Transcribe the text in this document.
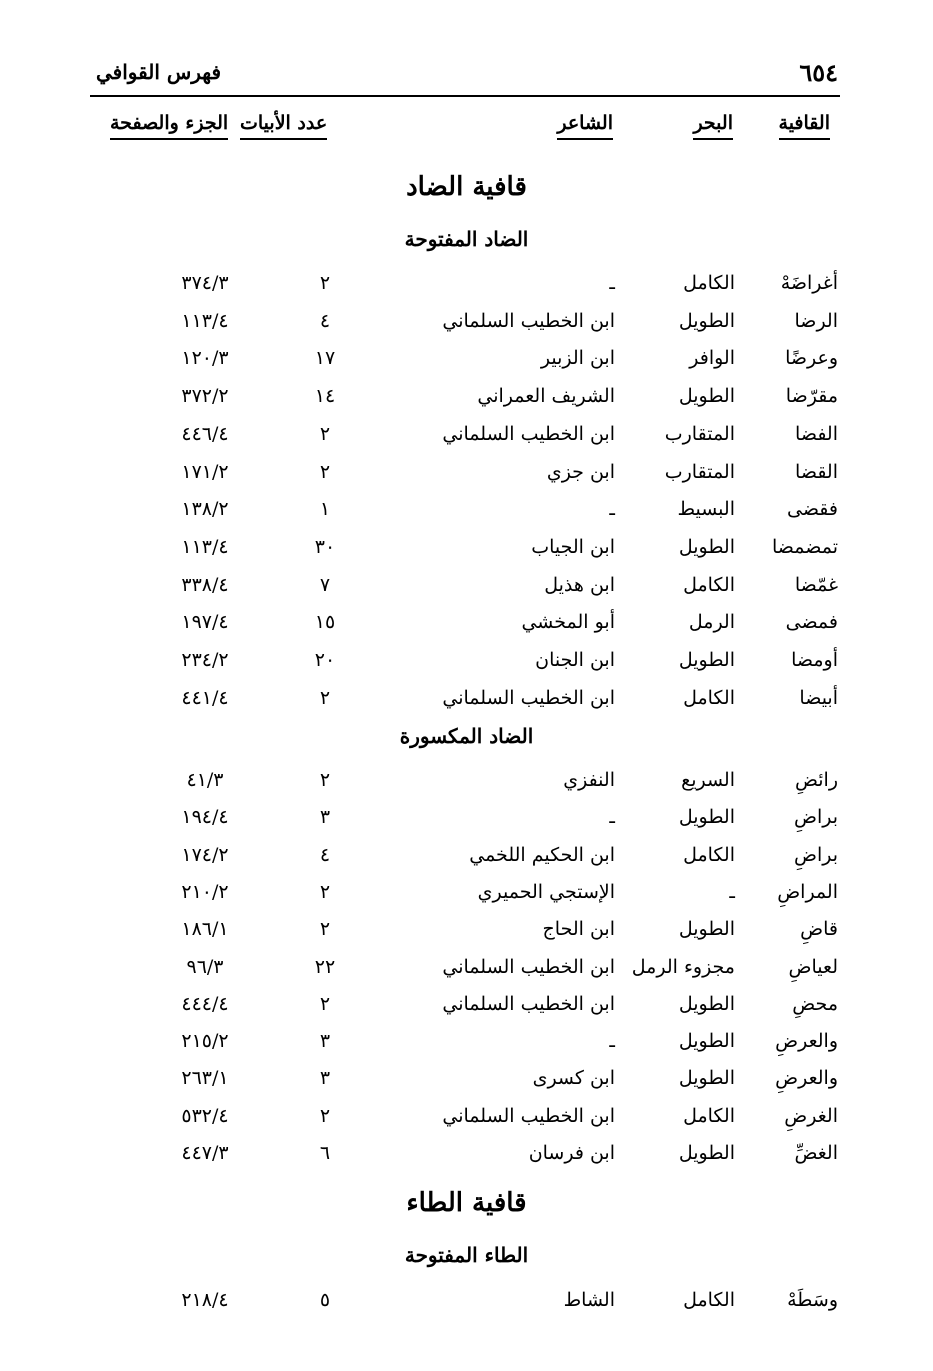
٦٥٤
فهرس القوافي
القافية
البحر
الشاعر
عدد الأبيات
الجزء والصفحة
قافية الضاد
الضاد المفتوحة
الضاد المكسورة
قافية الطاء
الطاء المفتوحة
أغراضَهْ
الكامل
ـ
٢
٣٧٤/٣
الرضا
الطويل
ابن الخطيب السلماني
٤
١١٣/٤
وعرضًا
الوافر
ابن الزبير
١٧
١٢٠/٣
مقرّضا
الطويل
الشريف العمراني
١٤
٣٧٢/٢
الفضا
المتقارب
ابن الخطيب السلماني
٢
٤٤٦/٤
القضا
المتقارب
ابن جزي
٢
١٧١/٢
فقضى
البسيط
ـ
١
١٣٨/٢
تمضمضا
الطويل
ابن الجياب
٣٠
١١٣/٤
غمّضا
الكامل
ابن هذيل
٧
٣٣٨/٤
فمضى
الرمل
أبو المخشي
١٥
١٩٧/٤
أومضا
الطويل
ابن الجنان
٢٠
٢٣٤/٢
أبيضا
الكامل
ابن الخطيب السلماني
٢
٤٤١/٤
رائضِ
السريع
النفزي
٢
٤١/٣
براضِ
الطويل
ـ
٣
١٩٤/٤
براضِ
الكامل
ابن الحكيم اللخمي
٤
١٧٤/٢
المراضِ
ـ
الإستجي الحميري
٢
٢١٠/٢
قاضِ
الطويل
ابن الحاج
٢
١٨٦/١
لعياضِ
مجزوء الرمل
ابن الخطيب السلماني
٢٢
٩٦/٣
محضِ
الطويل
ابن الخطيب السلماني
٢
٤٤٤/٤
والعرضِ
الطويل
ـ
٣
٢١٥/٢
والعرضِ
الطويل
ابن كسرى
٣
٢٦٣/١
الغرضِ
الكامل
ابن الخطيب السلماني
٢
٥٣٢/٤
الغضِّ
الطويل
ابن فرسان
٦
٤٤٧/٣
وسَطَهْ
الكامل
الشاط
٥
٢١٨/٤
